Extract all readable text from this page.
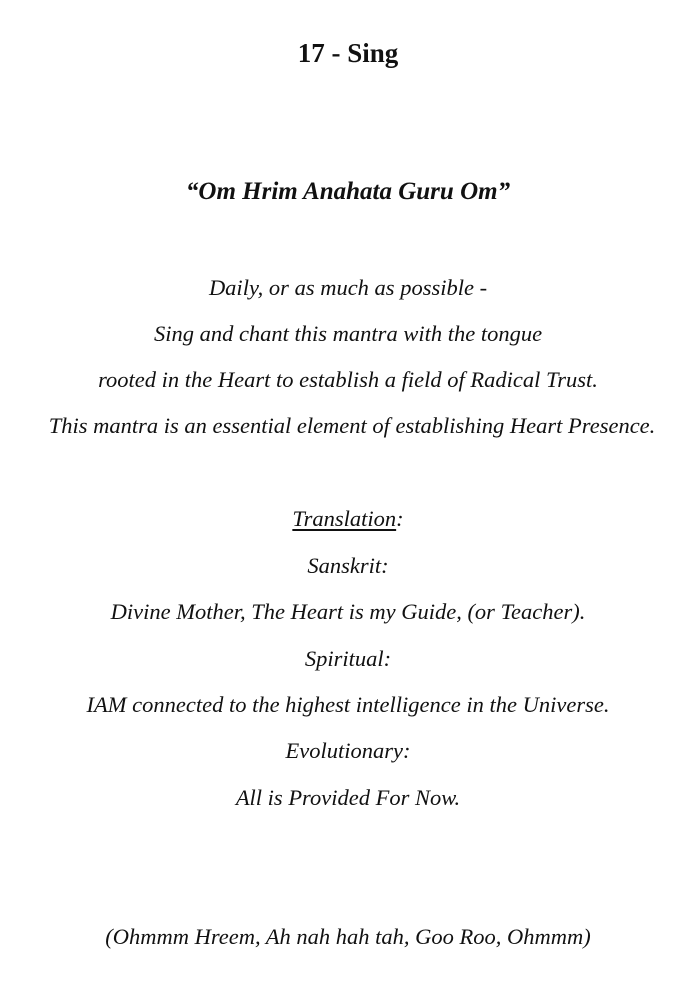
17 - Sing
“Om Hrim Anahata Guru Om”
Daily, or as much as possible -
Sing and chant this mantra with the tongue
rooted in the Heart to establish a field of Radical Trust.
This mantra is an essential element of establishing Heart Presence.
Translation:
Sanskrit:
Divine Mother, The Heart is my Guide, (or Teacher).
Spiritual:
IAM connected to the highest intelligence in the Universe.
Evolutionary:
All is Provided For Now.
(Ohmmm Hreem, Ah nah hah tah, Goo Roo, Ohmmm)
